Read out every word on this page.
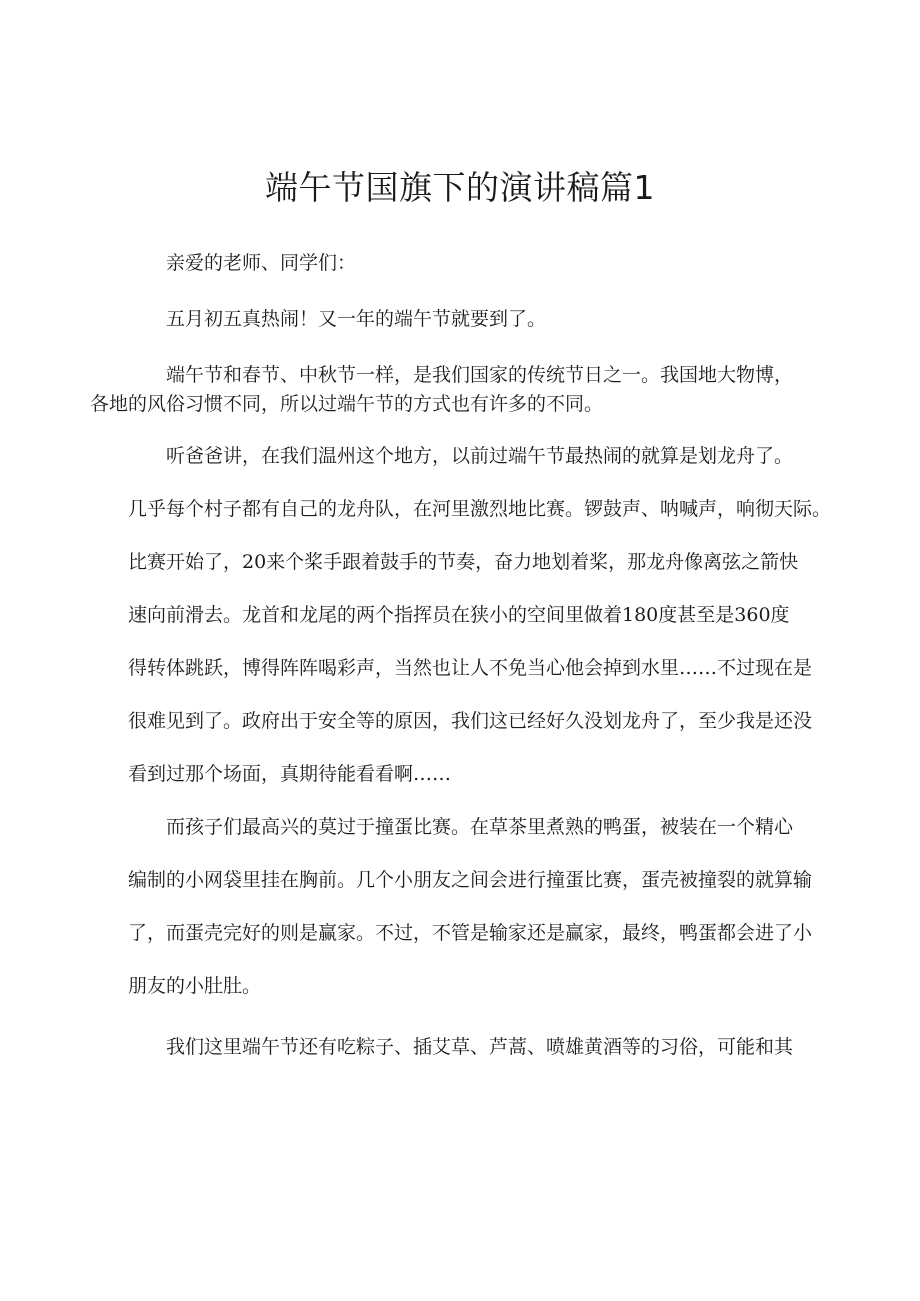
端午节国旗下的演讲稿篇1

亲爱的老师、同学们：

五月初五真热闹！又一年的端午节就要到了。

端午节和春节、中秋节一样，是我们国家的传统节日之一。我国地大物博，
各地的风俗习惯不同，所以过端午节的方式也有许多的不同。

听爸爸讲，在我们温州这个地方，以前过端午节最热闹的就算是划龙舟了。
几乎每个村子都有自己的龙舟队，在河里激烈地比赛。锣鼓声、呐喊声，响彻天际。
比赛开始了，20来个桨手跟着鼓手的节奏，奋力地划着桨，那龙舟像离弦之箭快
速向前滑去。龙首和龙尾的两个指挥员在狭小的空间里做着180度甚至是360度
得转体跳跃，博得阵阵喝彩声，当然也让人不免当心他会掉到水里……不过现在是
很难见到了。政府出于安全等的原因，我们这已经好久没划龙舟了，至少我是还没
看到过那个场面，真期待能看看啊……

而孩子们最高兴的莫过于撞蛋比赛。在草茶里煮熟的鸭蛋，被装在一个精心
编制的小网袋里挂在胸前。几个小朋友之间会进行撞蛋比赛，蛋壳被撞裂的就算输
了，而蛋壳完好的则是赢家。不过，不管是输家还是赢家，最终，鸭蛋都会进了小
朋友的小肚肚。

我们这里端午节还有吃粽子、插艾草、芦蒿、喷雄黄酒等的习俗，可能和其
